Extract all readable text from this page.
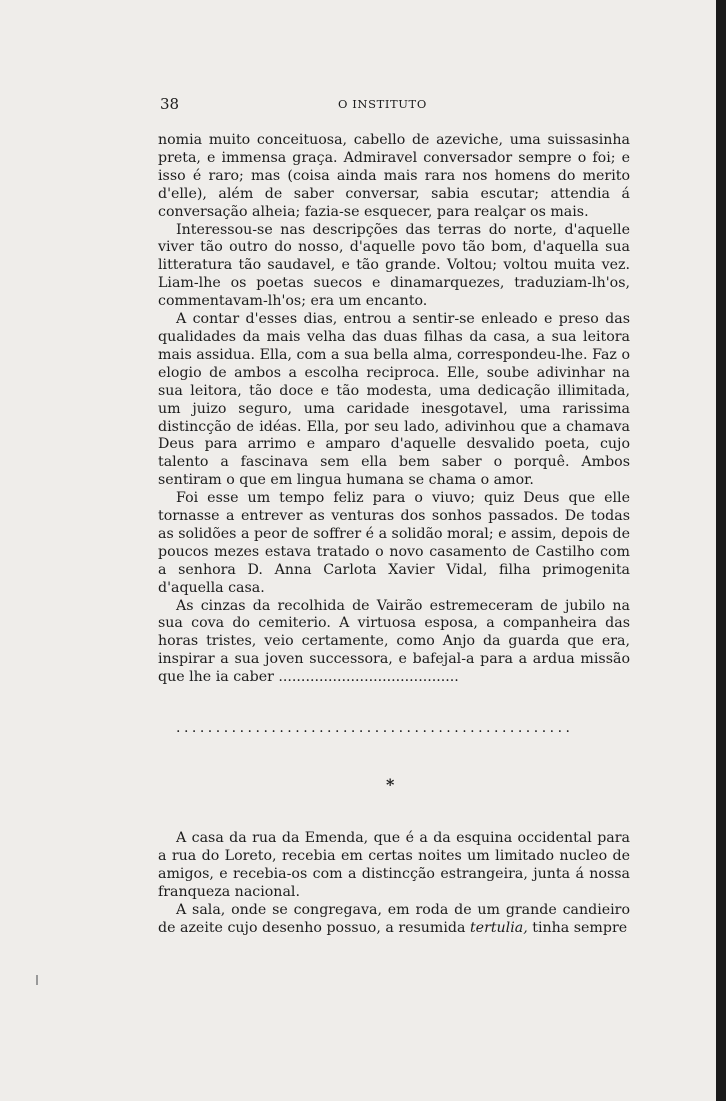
38	O INSTITUTO

nomia muito conceituosa, cabello de azeviche, uma suissasinha preta, e immensa graça. Admiravel conversador sempre o foi; e isso é raro; mas (coisa ainda mais rara nos homens do merito d'elle), além de saber conversar, sabia escutar; attendia á conversação alheia; fazia-se esquecer, para realçar os mais.

Interessou-se nas descripções das terras do norte, d'aquelle viver tão outro do nosso, d'aquelle povo tão bom, d'aquella sua litteratura tão saudavel, e tão grande. Voltou; voltou muita vez. Liam-lhe os poetas suecos e dinamarquezes, traduziam-lh'os, commentavam-lh'os; era um encanto.

A contar d'esses dias, entrou a sentir-se enleado e preso das qualidades da mais velha das duas filhas da casa, a sua leitora mais assidua. Ella, com a sua bella alma, correspondeu-lhe. Faz o elogio de ambos a escolha reciproca. Elle, soube adivinhar na sua leitora, tão doce e tão modesta, uma dedicação illimitada, um juizo seguro, uma caridade inesgotavel, uma rarissima distincção de idéas. Ella, por seu lado, adivinhou que a chamava Deus para arrimo e amparo d'aquelle desvalido poeta, cujo talento a fascinava sem ella bem saber o porquê. Ambos sentiram o que em lingua humana se chama o amor.

Foi esse um tempo feliz para o viuvo; quiz Deus que elle tornasse a entrever as venturas dos sonhos passados. De todas as solidões a peor de soffrer é a solidão moral; e assim, depois de poucos mezes estava tratado o novo casamento de Castilho com a senhora D. Anna Carlota Xavier Vidal, filha primogenita d'aquella casa.

As cinzas da recolhida de Vairão estremeceram de jubilo na sua cova do cemiterio. A virtuosa esposa, a companheira das horas tristes, veio certamente, como Anjo da guarda que era, inspirar a sua joven successora, e bafejal-a para a ardua missão que lhe ia caber ........................................

..................................................
*

A casa da rua da Emenda, que é a da esquina occidental para a rua do Loreto, recebia em certas noites um limitado nucleo de amigos, e recebia-os com a distincção estrangeira, junta á nossa franqueza nacional.

A sala, onde se congregava, em roda de um grande candieiro de azeite cujo desenho possuo, a resumida tertulia, tinha sempre
